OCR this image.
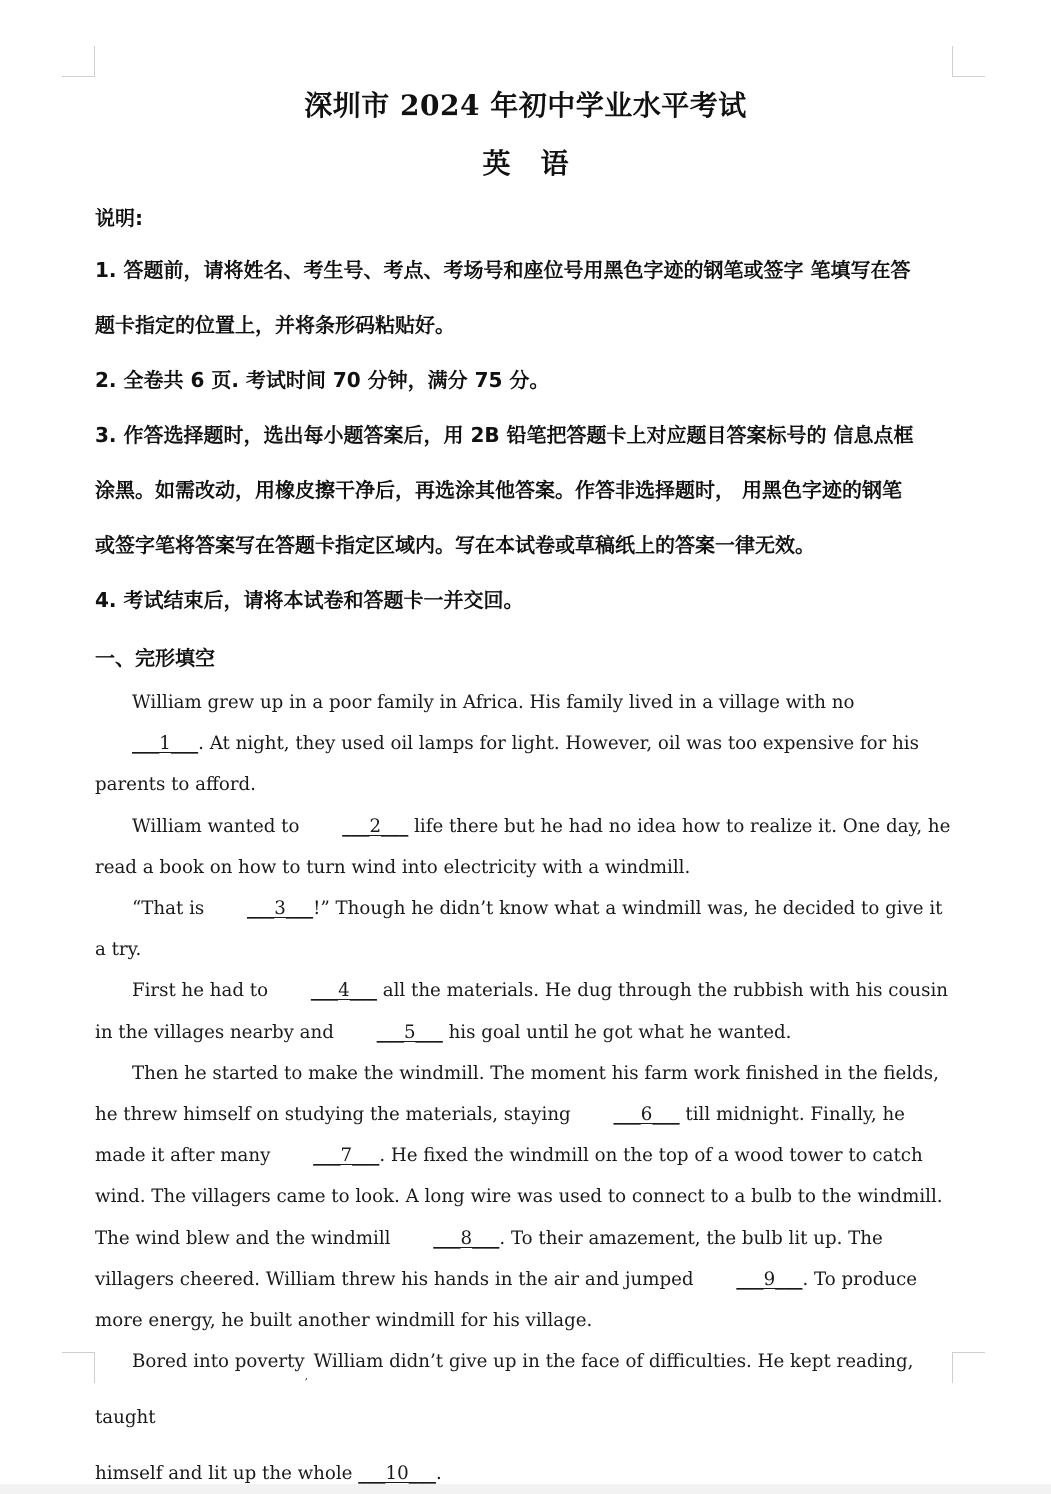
深圳市 2024 年初中学业水平考试
英 语

说明:

1. 答题前，请将姓名、考生号、考点、考场号和座位号用黑色字迹的钢笔或签字 笔填写在答

题卡指定的位置上，并将条形码粘贴好。

2. 全卷共 6 页. 考试时间 70 分钟，满分 75 分。

3. 作答选择题时，选出每小题答案后，用 2B 铅笔把答题卡上对应题目答案标号的 信息点框

涂黑。如需改动，用橡皮擦干净后，再选涂其他答案。作答非选择题时， 用黑色字迹的钢笔

或签字笔将答案写在答题卡指定区域内。写在本试卷或草稿纸上的答案一律无效。

4. 考试结束后，请将本试卷和答题卡一并交回。

一、完形填空

William grew up in a poor family in Africa. His family lived in a village with no ___1___. At night, they used oil lamps for light. However, oil was too expensive for his parents to afford.

William wanted to ___2___ life there but he had no idea how to realize it. One day, he read a book on how to turn wind into electricity with a windmill.

“That is ___3___!” Though he didn’t know what a windmill was, he decided to give it a try.

First he had to ___4___ all the materials. He dug through the rubbish with his cousin in the villages nearby and ___5___ his goal until he got what he wanted.

Then he started to make the windmill. The moment his farm work finished in the fields, he threw himself on studying the materials, staying ___6___ till midnight. Finally, he made it after many ___7___. He fixed the windmill on the top of a wood tower to catch wind. The villagers came to look. A long wire was used to connect to a bulb to the windmill. The wind blew and the windmill ___8___. To their amazement, the bulb lit up. The villagers cheered. William threw his hands in the air and jumped ___9___. To produce more energy, he built another windmill for his village.

Bored into poverty$_,$ William didn’t give up in the face of difficulties. He kept reading, taught
himself and lit up the whole ___10___.
